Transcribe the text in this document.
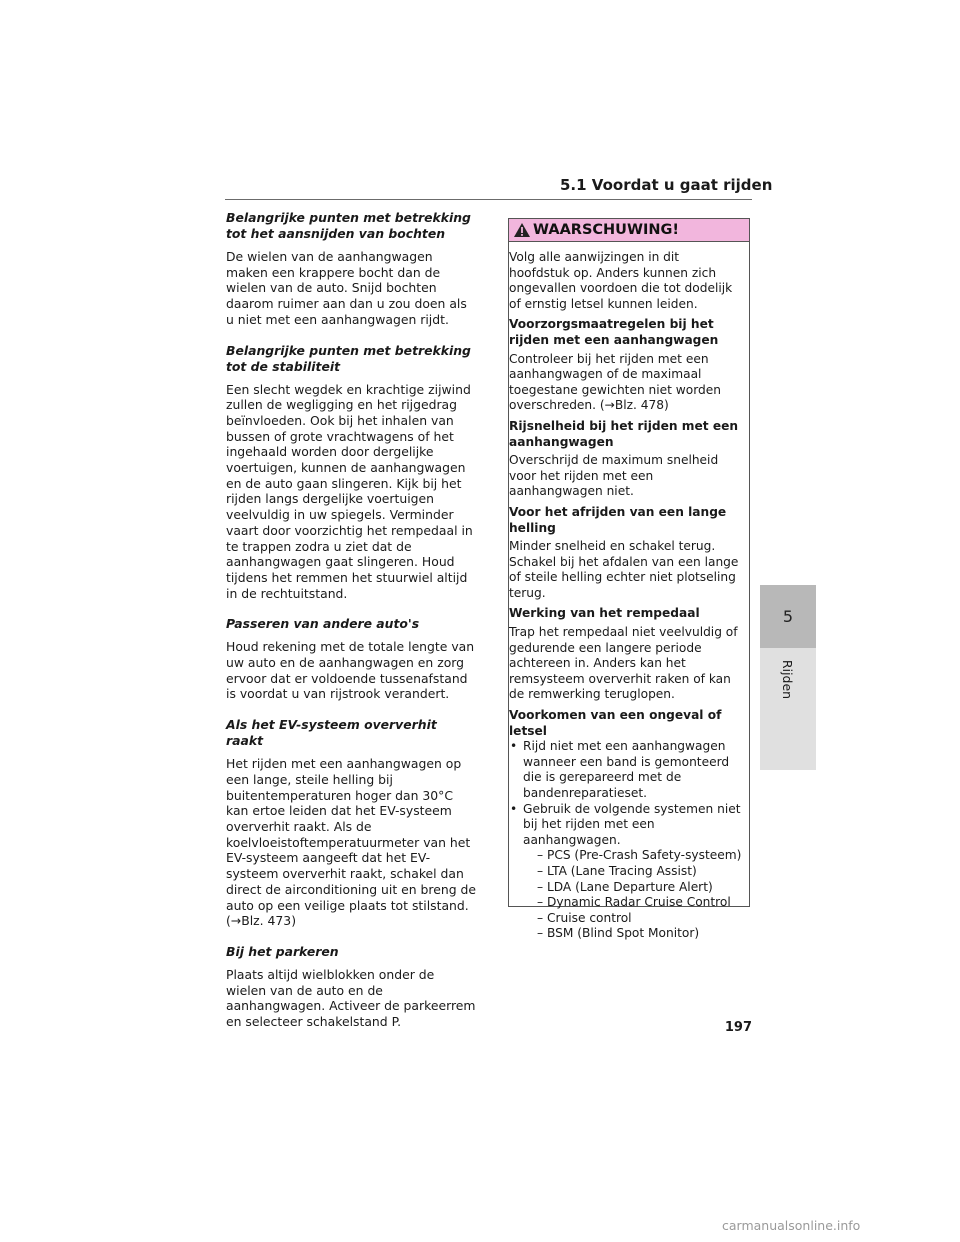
5.1 Voordat u gaat rijden
Belangrijke punten met betrekking tot het aansnijden van bochten

De wielen van de aanhangwagen maken een krappere bocht dan de wielen van de auto. Snijd bochten daarom ruimer aan dan u zou doen als u niet met een aanhangwagen rijdt.

Belangrijke punten met betrekking tot de stabiliteit

Een slecht wegdek en krachtige zijwind zullen de wegligging en het rijgedrag beïnvloeden. Ook bij het inhalen van bussen of grote vrachtwagens of het ingehaald worden door dergelijke voertuigen, kunnen de aanhangwagen en de auto gaan slingeren. Kijk bij het rijden langs dergelijke voertuigen veelvuldig in uw spiegels. Verminder vaart door voorzichtig het rempedaal in te trappen zodra u ziet dat de aanhangwagen gaat slingeren. Houd tijdens het remmen het stuurwiel altijd in de rechtuitstand.

Passeren van andere auto's

Houd rekening met de totale lengte van uw auto en de aanhangwagen en zorg ervoor dat er voldoende tussenafstand is voordat u van rijstrook verandert.

Als het EV-systeem oververhit raakt

Het rijden met een aanhangwagen op een lange, steile helling bij buitentemperaturen hoger dan 30°C kan ertoe leiden dat het EV-systeem oververhit raakt. Als de koelvloeistoftemperatuurmeter van het EV-systeem aangeeft dat het EV-systeem oververhit raakt, schakel dan direct de airconditioning uit en breng de auto op een veilige plaats tot stilstand. (→Blz. 473)

Bij het parkeren

Plaats altijd wielblokken onder de wielen van de auto en de aanhangwagen. Activeer de parkeerrem en selecteer schakelstand P.

WAARSCHUWING!

Volg alle aanwijzingen in dit hoofdstuk op. Anders kunnen zich ongevallen voordoen die tot dodelijk of ernstig letsel kunnen leiden.

Voorzorgsmaatregelen bij het rijden met een aanhangwagen

Controleer bij het rijden met een aanhangwagen of de maximaal toegestane gewichten niet worden overschreden. (→Blz. 478)

Rijsnelheid bij het rijden met een aanhangwagen

Overschrijd de maximum snelheid voor het rijden met een aanhangwagen niet.

Voor het afrijden van een lange helling

Minder snelheid en schakel terug. Schakel bij het afdalen van een lange of steile helling echter niet plotseling terug.

Werking van het rempedaal

Trap het rempedaal niet veelvuldig of gedurende een langere periode achtereen in. Anders kan het remsysteem oververhit raken of kan de remwerking teruglopen.

Voorkomen van een ongeval of letsel
• Rijd niet met een aanhangwagen wanneer een band is gemonteerd die is gerepareerd met de bandenreparatieset.
• Gebruik de volgende systemen niet bij het rijden met een aanhangwagen.
– PCS (Pre-Crash Safety-systeem)
– LTA (Lane Tracing Assist)
– LDA (Lane Departure Alert)
– Dynamic Radar Cruise Control
– Cruise control
– BSM (Blind Spot Monitor)
5
Rijden
197
carmanualsonline.info
